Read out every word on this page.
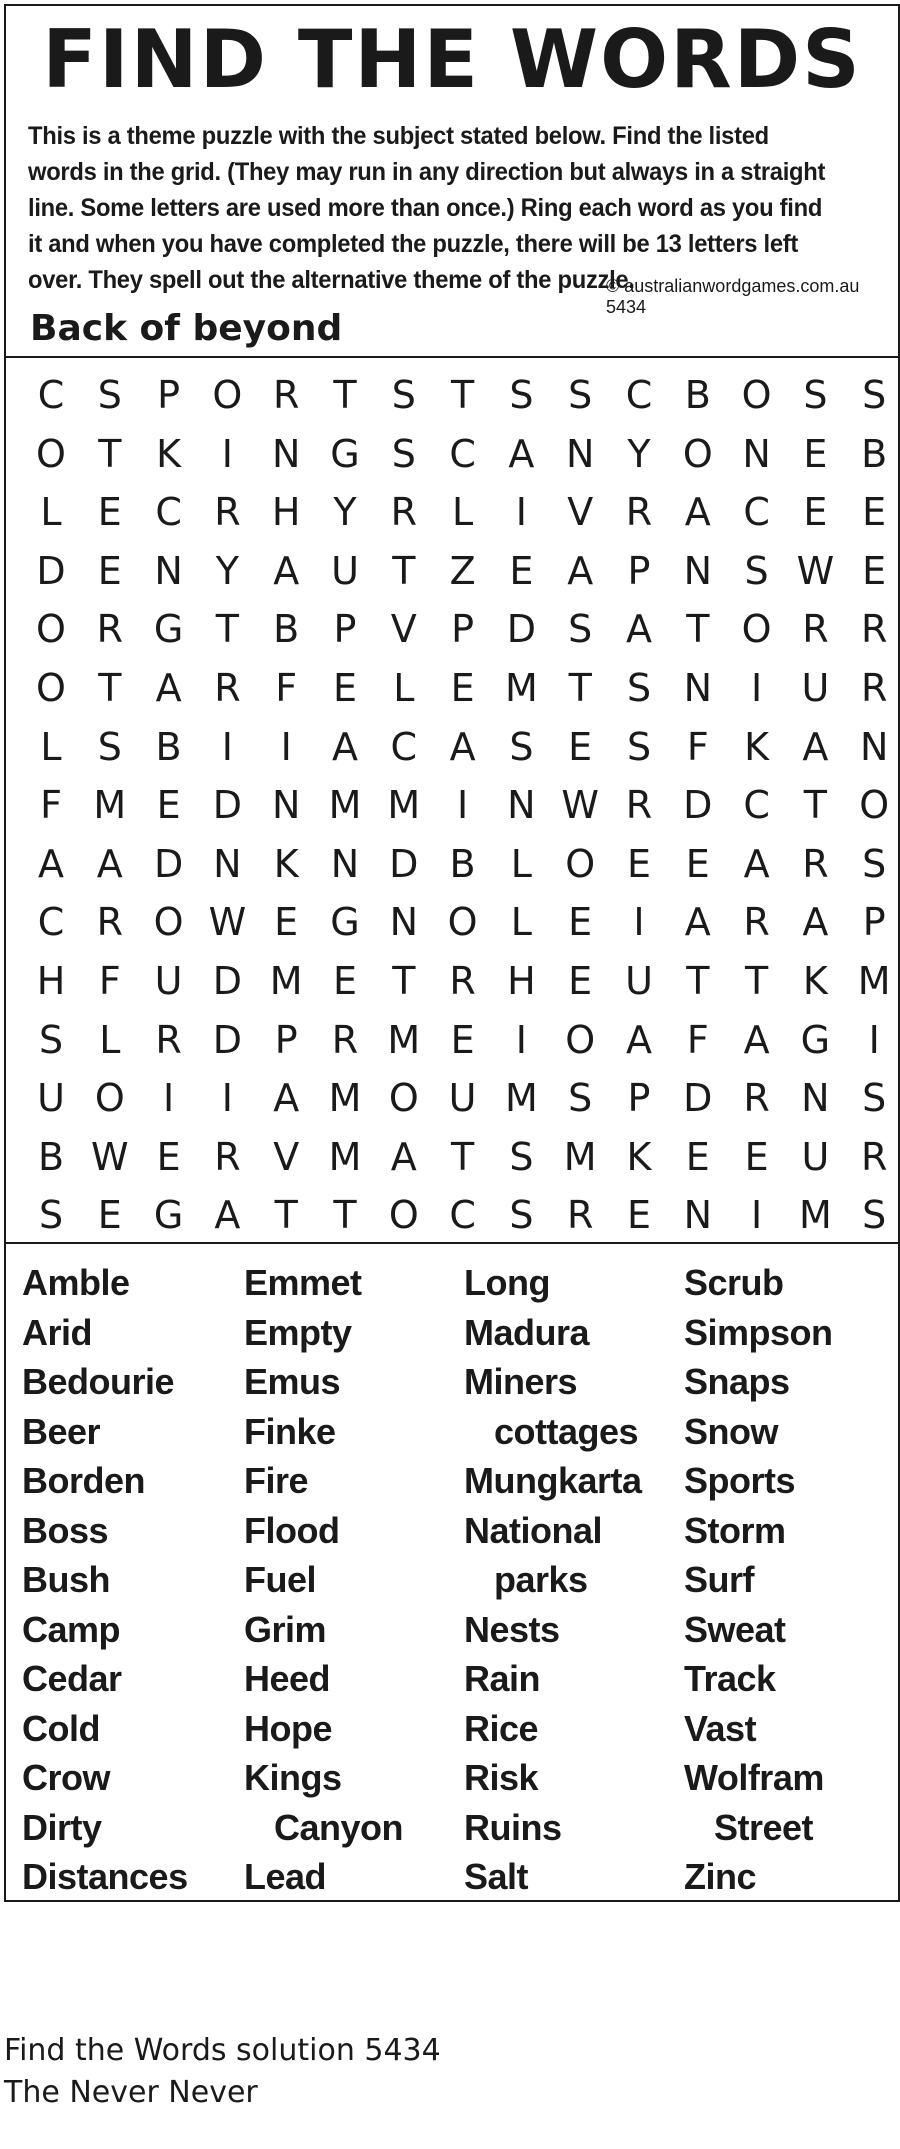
FIND THE WORDS
This is a theme puzzle with the subject stated below. Find the listed words in the grid. (They may run in any direction but always in a straight line. Some letters are used more than once.) Ring each word as you find it and when you have completed the puzzle, there will be 13 letters left over. They spell out the alternative theme of the puzzle.
© australianwordgames.com.au 5434
Back of beyond
C S P O R T S T S S C B O S S
O T K	I	N G S C A N Y O N E B
L E C R H Y R L	I	V R A C E E
D E N Y A U T Z E A P N S W E
O R G T B P V P D S A T O R R
O T A R F E L E M T S N	I	U R
L S B	I	I	A C A S E S F K A N
F M E D N M M I	N W R D C T O
A A D N K N D B L O E E A R S
C R O W E G N O L E	I	A R A P
H F U D M E T R H E U T T K M
S L R D P R M E	I	O A F A G	I
U O	I	I	A M O U M S P D R N S
B W E R V M A T S M K E E U R
S E G A T T O C S R E N	I M S
Amble
Arid
Bedourie
Beer
Borden
Boss
Bush
Camp
Cedar
Cold
Crow
Dirty
Distances
Emmet
Empty
Emus
Finke
Fire
Flood
Fuel
Grim
Heed
Hope
Kings
Canyon
Lead
Long
Madura
Miners
cottages
Mungkarta
National
parks
Nests
Rain
Rice
Risk
Ruins
Salt
Scrub
Simpson
Snaps
Snow
Sports
Storm
Surf
Sweat
Track
Vast
Wolfram
Street
Zinc
Find the Words solution 5434
The Never Never
